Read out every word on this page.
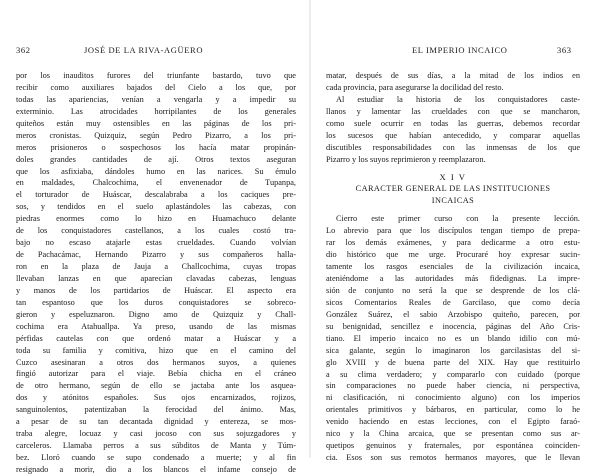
362	JOSÉ DE LA RIVA-AGÜERO	EL IMPERIO INCAICO	363
por los inauditos furores del triunfante bastardo, tuvo que
recibir como auxiliares bajados del Cielo a los que, por
todas las apariencias, venían a vengarla y a impedir su
exterminio. Las atrocidades horripilantes de los generales
quiteños están muy ostensibles en las páginas de los pri-
meros cronistas. Quizquiz, según Pedro Pizarro, a los pri-
meros prisioneros o sospechosos los hacía matar propinán-
doles grandes cantidades de ají. Otros textos aseguran
que los asfixiaba, dándoles humo en las narices. Su émulo
en maldades, Chalcochima, el envenenador de Tupanpa,
el torturador de Huáscar, descalabraba a los caciques pre-
sos, y tendidos en el suelo aplastándoles las cabezas, con
piedras enormes como lo hizo en Huamachuco delante
de los conquistadores castellanos, a los cuales costó tra-
bajo no escaso atajarle estas crueldades. Cuando volvían
de Pachacámac, Hernando Pizarro y sus compañeros halla-
ron en la plaza de Jauja a Challcochima, cuyas tropas
llevaban lanzas en que aparecían clavadas cabezas, lenguas
y manos de los partidarios de Huáscar. El aspecto era
tan espantoso que los duros conquistadores se sobreco-
gieron y espeluznaron. Digno amo de Quizquiz y Chall-
cochima era Atahuallpa. Ya preso, usando de las mismas
pérfidas cautelas con que ordenó matar a Huáscar y a
toda su familia y comitiva, hizo que en el camino del
Cuzco asesinaran a otros dos hermanos suyos, a quienes
fingió autorizar para el viaje. Bebía chicha en el cráneo
de otro hermano, según de ello se jactaba ante los asquea-
dos y atónitos españoles. Sus ojos encarnizados, rojizos,
sanguinolentos, patentizaban la ferocidad del ánimo. Mas,
a pesar de su tan decantada dignidad y entereza, se mos-
traba alegre, locuaz y casi jocoso con sus sojuzgadores y
carceleros. Llamaba perros a sus súbditos de Manta y Túm-
bez. Lloró cuando se supo condenado a muerte; y al fin
resignado a morir, dio a los blancos el infame consejo de
matar, después de sus días, a la mitad de los indios en
cada provincia, para asegurarse la docilidad del resto.
Al estudiar la historia de los conquistadores caste-
llanos y lamentar las crueldades con que se mancharon,
como suele ocurrir en todas las guerras, debemos recordar
los sucesos que habían antecedido, y comparar aquellas
discutibles responsabilidades con las inmensas de los que
Pizarro y los suyos reprimieron y reemplazaron.
X I V
CARACTER GENERAL DE LAS INSTITUCIONES
INCAICAS
Cierro este primer curso con la presente lección.
Lo abrevio para que los discípulos tengan tiempo de prepa-
rar los demás exámenes, y para dedicarme a otro estu-
dio histórico que me urge. Procuraré hoy expresar sucin-
tamente los rasgos esenciales de la civilización incaica,
ateniéndome a las autoridades más fidedignas. La impre-
sión de conjunto no será la que se desprende de los clá-
sicos Comentarios Reales de Garcilaso, que como decía
González Suárez, el sabio Arzobispo quiteño, parecen, por
su benignidad, sencillez e inocencia, páginas del Año Cris-
tiano. El imperio incaico no es un blando idilio con mú-
sica galante, según lo imaginaron los garcilasistas del si-
glo XVIII y de buena parte del XIX. Hay que restituirlo
a su clima verdadero; y compararlo con cuidado (porque
sin comparaciones no puede haber ciencia, ni perspectiva,
ni clasificación, ni conocimiento alguno) con los imperios
orientales primitivos y bárbaros, en particular, como lo he
venido haciendo en estas lecciones, con el Egipto faraó-
nico y la China arcaica, que se presentan como sus ar-
quetipos genuinos y fraternales, por espontánea coinciden-
cia. Esos son sus remotos hermanos mayores, que le llevan
